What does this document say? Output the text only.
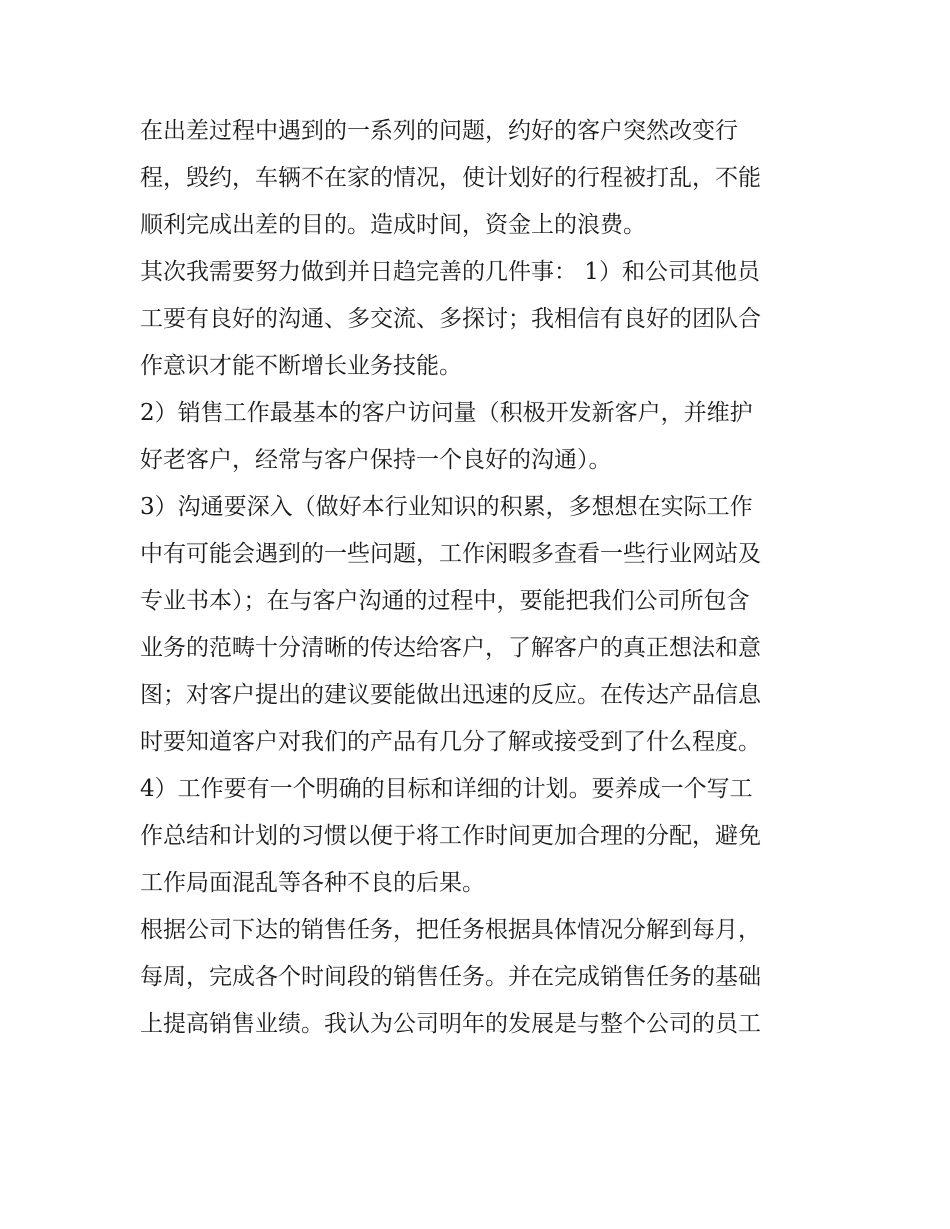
在出差过程中遇到的一系列的问题，约好的客户突然改变行
程，毁约，车辆不在家的情况，使计划好的行程被打乱，不能
顺利完成出差的目的。造成时间，资金上的浪费。
其次我需要努力做到并日趋完善的几件事： 1）和公司其他员
工要有良好的沟通、多交流、多探讨；我相信有良好的团队合
作意识才能不断增长业务技能。
2）销售工作最基本的客户访问量（积极开发新客户，并维护
好老客户，经常与客户保持一个良好的沟通）。
3）沟通要深入（做好本行业知识的积累，多想想在实际工作
中有可能会遇到的一些问题，工作闲暇多查看一些行业网站及
专业书本）；在与客户沟通的过程中，要能把我们公司所包含
业务的范畴十分清晰的传达给客户，了解客户的真正想法和意
图；对客户提出的建议要能做出迅速的反应。在传达产品信息
时要知道客户对我们的产品有几分了解或接受到了什么程度。
4）工作要有一个明确的目标和详细的计划。要养成一个写工
作总结和计划的习惯以便于将工作时间更加合理的分配，避免
工作局面混乱等各种不良的后果。
根据公司下达的销售任务，把任务根据具体情况分解到每月，
每周，完成各个时间段的销售任务。并在完成销售任务的基础
上提高销售业绩。我认为公司明年的发展是与整个公司的员工
